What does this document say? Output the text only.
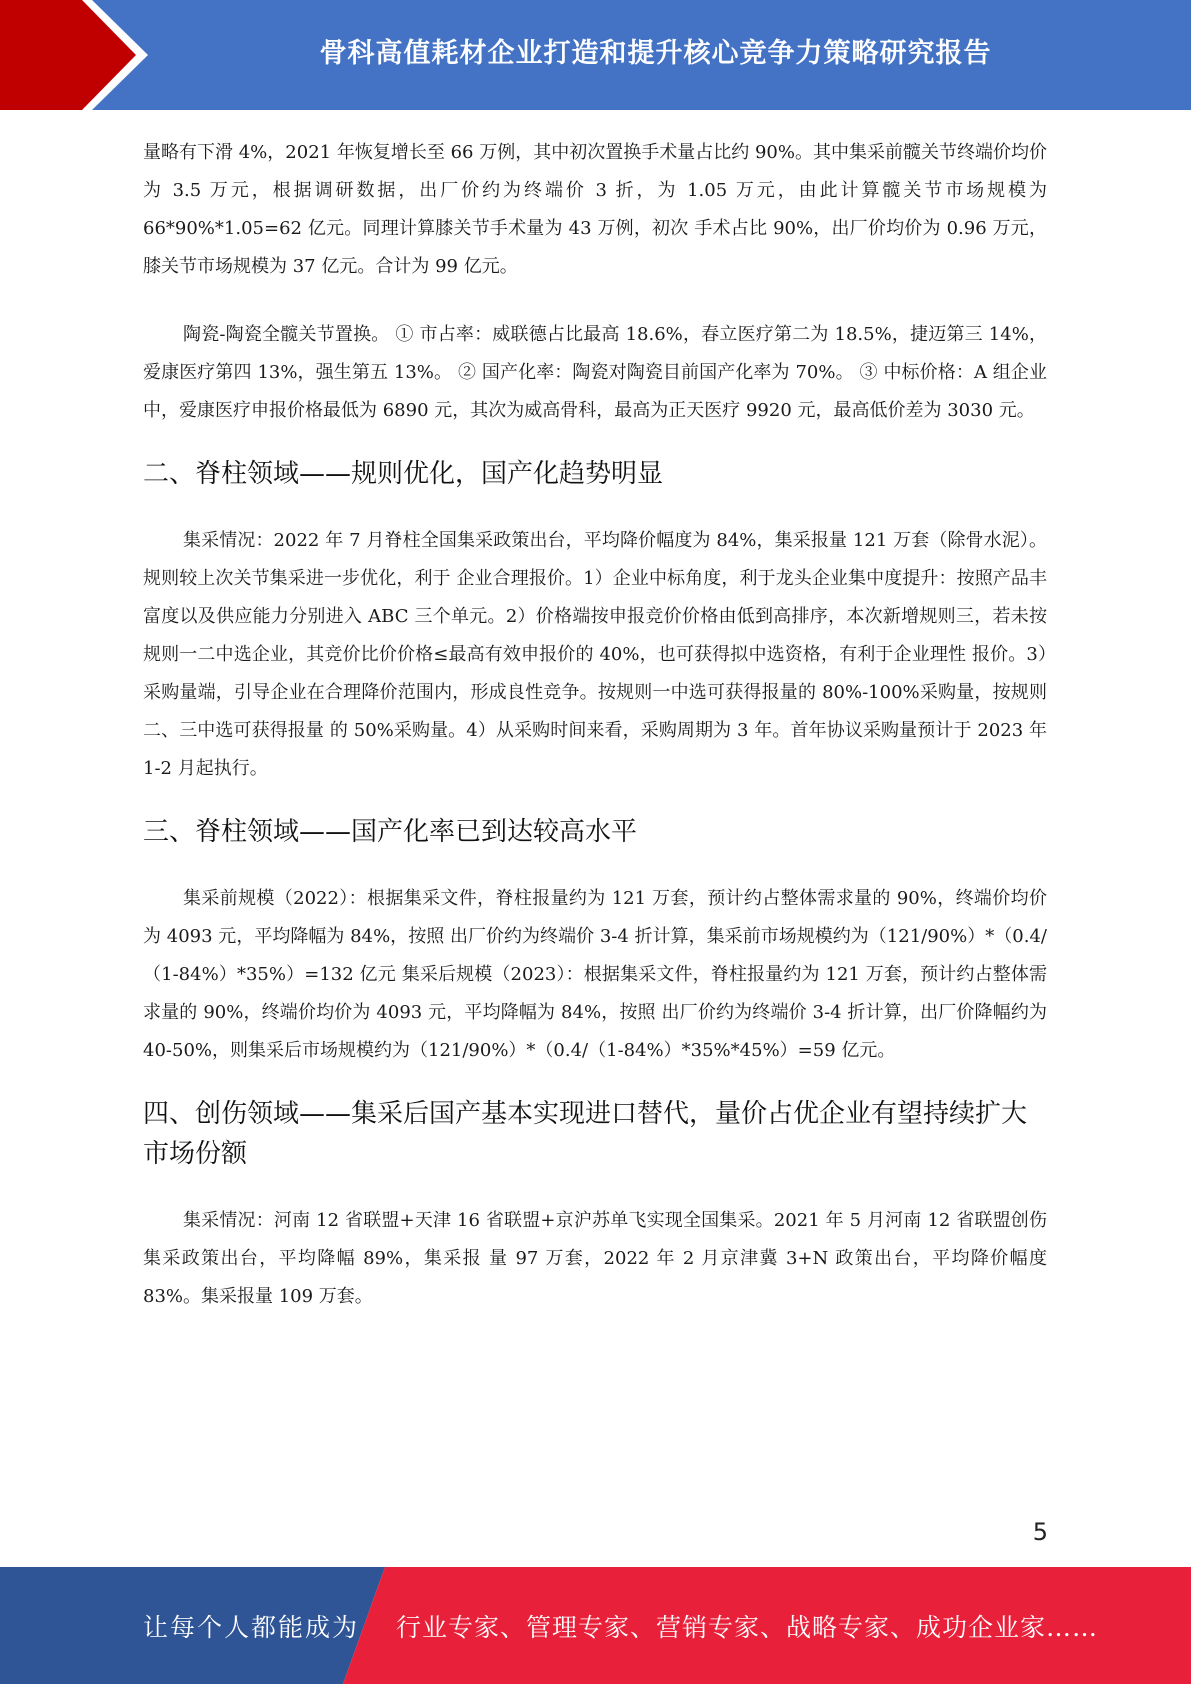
骨科高值耗材企业打造和提升核心竞争力策略研究报告

量略有下滑 4%，2021 年恢复增长至 66 万例，其中初次置换手术量占比约 90%。其中集采前髋关节终端价均价为 3.5 万元，根据调研数据，出厂价约为终端价 3 折，为 1.05 万元，由此计算髋关节市场规模为 66*90%*1.05=62 亿元。同理计算膝关节手术量为 43 万例，初次 手术占比 90%，出厂价均价为 0.96 万元，膝关节市场规模为 37 亿元。合计为 99 亿元。

陶瓷-陶瓷全髋关节置换。 ① 市占率：威联德占比最高 18.6%，春立医疗第二为 18.5%，捷迈第三 14%，爱康医疗第四 13%，强生第五 13%。 ② 国产化率：陶瓷对陶瓷目前国产化率为 70%。 ③ 中标价格：A 组企业中，爱康医疗申报价格最低为 6890 元，其次为威高骨科，最高为正天医疗 9920 元，最高低价差为 3030 元。

二、脊柱领域——规则优化，国产化趋势明显

集采情况：2022 年 7 月脊柱全国集采政策出台，平均降价幅度为 84%，集采报量 121 万套（除骨水泥）。规则较上次关节集采进一步优化，利于 企业合理报价。1）企业中标角度，利于龙头企业集中度提升：按照产品丰富度以及供应能力分别进入 ABC 三个单元。2）价格端按申报竞价价格由低到高排序，本次新增规则三，若未按规则一二中选企业，其竞价比价价格≤最高有效申报价的 40%，也可获得拟中选资格，有利于企业理性 报价。3）采购量端，引导企业在合理降价范围内，形成良性竞争。按规则一中选可获得报量的 80%-100%采购量，按规则二、三中选可获得报量 的 50%采购量。4）从采购时间来看，采购周期为 3 年。首年协议采购量预计于 2023 年 1-2 月起执行。

三、脊柱领域——国产化率已到达较高水平

集采前规模（2022）：根据集采文件，脊柱报量约为 121 万套，预计约占整体需求量的 90%，终端价均价为 4093 元，平均降幅为 84%，按照 出厂价约为终端价 3-4 折计算，集采前市场规模约为（121/90%）*（0.4/（1-84%）*35%）=132 亿元 集采后规模（2023）：根据集采文件，脊柱报量约为 121 万套，预计约占整体需求量的 90%，终端价均价为 4093 元，平均降幅为 84%，按照 出厂价约为终端价 3-4 折计算，出厂价降幅约为 40-50%，则集采后市场规模约为（121/90%）*（0.4/（1-84%）*35%*45%）=59 亿元。

四、创伤领域——集采后国产基本实现进口替代，量价占优企业有望持续扩大市场份额

集采情况：河南 12 省联盟+天津 16 省联盟+京沪苏单飞实现全国集采。2021 年 5 月河南 12 省联盟创伤集采政策出台，平均降幅 89%，集采报 量 97 万套，2022 年 2 月京津冀 3+N 政策出台，平均降价幅度 83%。集采报量 109 万套。

5
让每个人都能成为 行业专家、管理专家、营销专家、战略专家、成功企业家……
